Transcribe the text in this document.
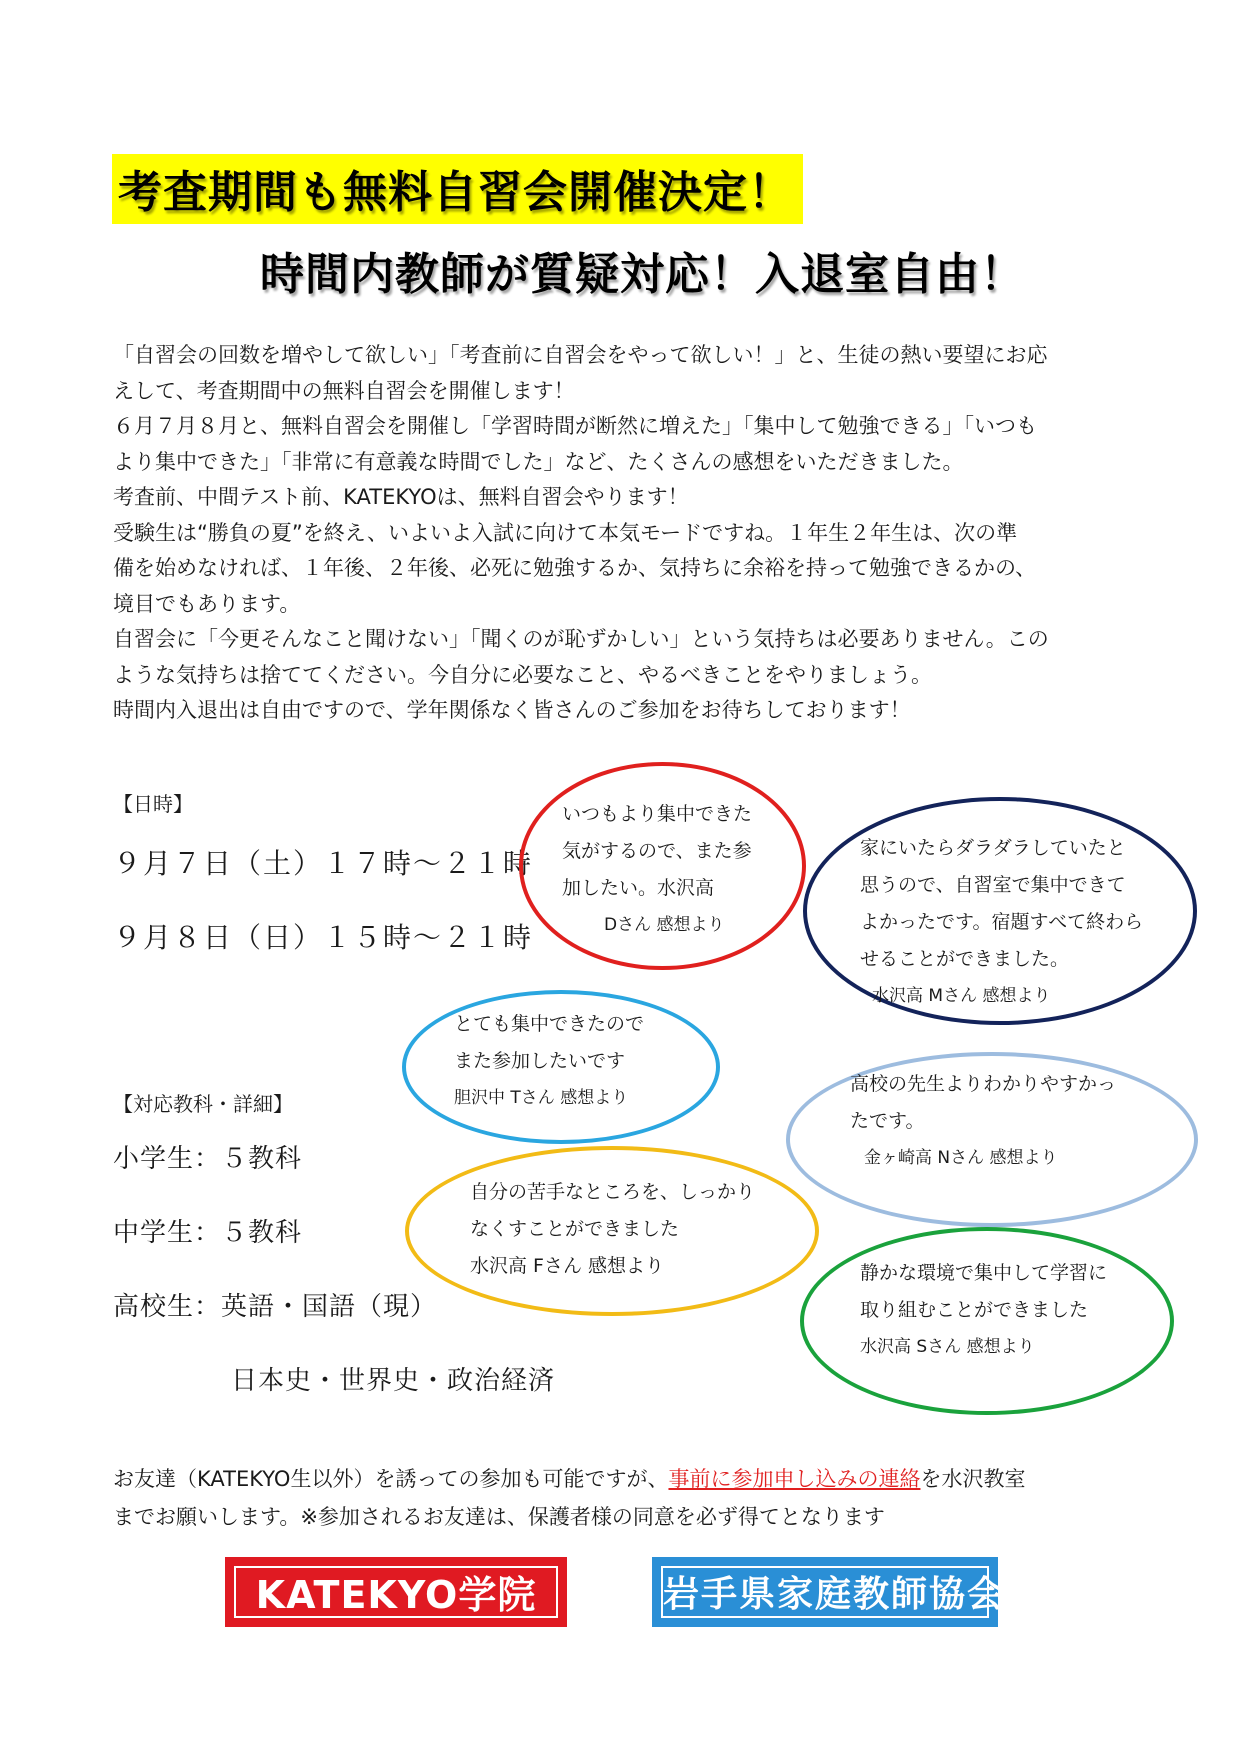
考査期間も無料自習会開催決定！
時間内教師が質疑対応！入退室自由！

「自習会の回数を増やして欲しい」「考査前に自習会をやって欲しい！」と、生徒の熱い要望にお応

えして、考査期間中の無料自習会を開催します！

６月７月８月と、無料自習会を開催し「学習時間が断然に増えた」「集中して勉強できる」「いつも

より集中できた」「非常に有意義な時間でした」など、たくさんの感想をいただきました。

考査前、中間テスト前、KATEKYOは、無料自習会やります！

受験生は“勝負の夏”を終え、いよいよ入試に向けて本気モードですね。１年生２年生は、次の準

備を始めなければ、１年後、２年後、必死に勉強するか、気持ちに余裕を持って勉強できるかの、

境目でもあります。

自習会に「今更そんなこと聞けない」「聞くのが恥ずかしい」という気持ちは必要ありません。この

ような気持ちは捨ててください。今自分に必要なこと、やるべきことをやりましょう。

時間内入退出は自由ですので、学年関係なく皆さんのご参加をお待ちしております！

【日時】
９月７日（土）１７時～２１時
９月８日（日）１５時～２１時
【対応教科・詳細】
小学生：５教科
中学生：５教科
高校生：英語・国語（現）
日本史・世界史・政治経済
いつもより集中できた
気がするので、また参
加したい。水沢高
Dさん 感想より
家にいたらダラダラしていたと
思うので、自習室で集中できて
よかったです。宿題すべて終わら
せることができました。
水沢高 Mさん 感想より
とても集中できたので
また参加したいです
胆沢中 Tさん 感想より
高校の先生よりわかりやすかっ
たです。
金ヶ崎高 Nさん 感想より
自分の苦手なところを、しっかり
なくすことができました
水沢高 Fさん 感想より	静かな環境で集中して学習に
取り組むことができました
水沢高 Sさん 感想より
お友達（KATEKYO生以外）を誘っての参加も可能ですが、事前に参加申し込みの連絡を水沢教室
までお願いします。※参加されるお友達は、保護者様の同意を必ず得てとなります
KATEKYO学院	岩手県家庭教師協会
